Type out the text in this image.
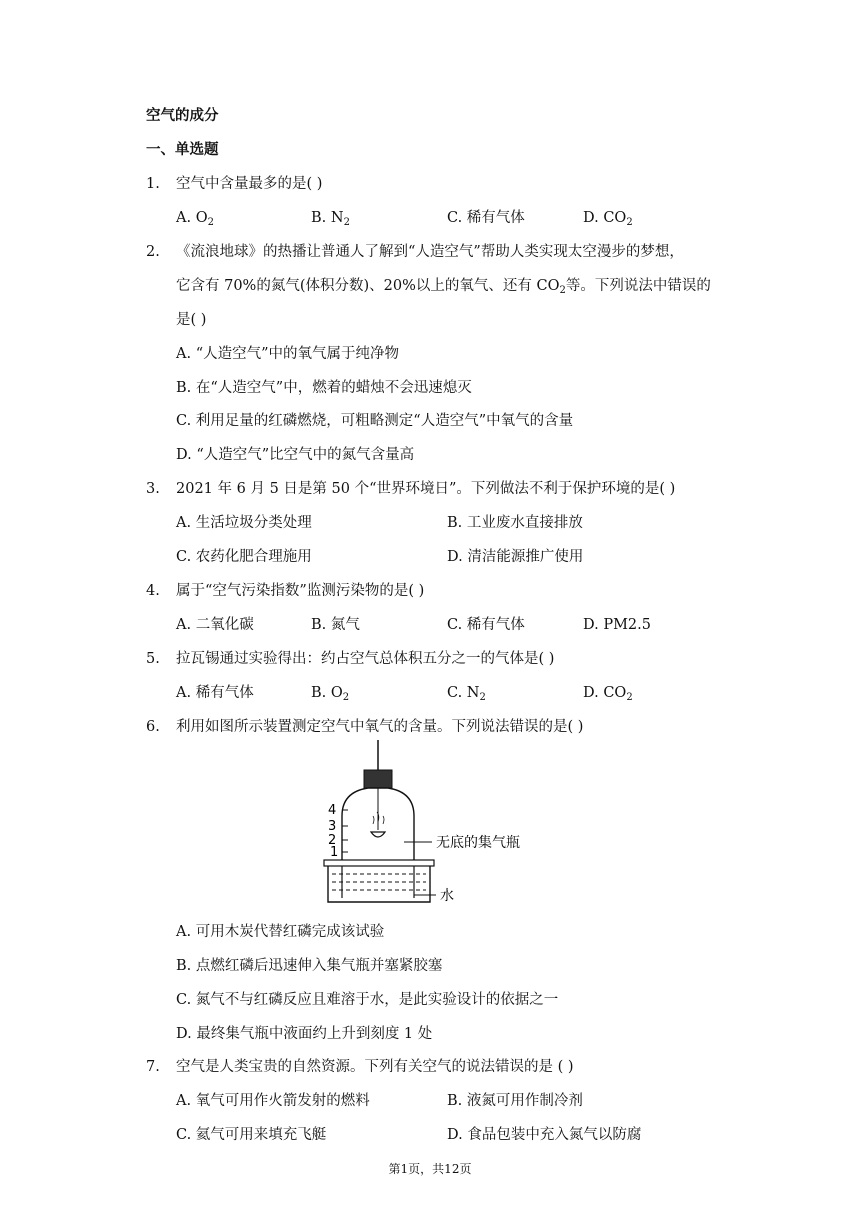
空气的成分
一、单选题
1. 空气中含量最多的是( )
A. $O_2$	B. $N_2$	C. 稀有气体	D. $CO_2$
2. 《流浪地球》的热播让普通人了解到“人造空气”帮助人类实现太空漫步的梦想，
它含有 70%的氮气(体积分数)、20%以上的氧气、还有 $CO_2$等。下列说法中错误的
是( )
A. “人造空气”中的氧气属于纯净物
B. 在“人造空气”中，燃着的蜡烛不会迅速熄灭
C. 利用足量的红磷燃烧，可粗略测定“人造空气”中氧气的含量
D. “人造空气”比空气中的氮气含量高
3. 2021 年 6 月 5 日是第 50 个“世界环境日”。下列做法不利于保护环境的是( )
A. 生活垃圾分类处理	B. 工业废水直接排放
C. 农药化肥合理施用	D. 清洁能源推广使用
4. 属于“空气污染指数”监测污染物的是( )
A. 二氧化碳	B. 氮气	C. 稀有气体	D. PM2.5
5. 拉瓦锡通过实验得出：约占空气总体积五分之一的气体是( )
A. 稀有气体	B. $O_2$	C. $N_2$	D. $CO_2$
6. 利用如图所示装置测定空气中氧气的含量。下列说法错误的是( )
4
3
2
1
无底的集气瓶
水
A. 可用木炭代替红磷完成该试验
B. 点燃红磷后迅速伸入集气瓶并塞紧胶塞
C. 氮气不与红磷反应且难溶于水，是此实验设计的依据之一
D. 最终集气瓶中液面约上升到刻度 1 处
7. 空气是人类宝贵的自然资源。下列有关空气的说法错误的是 ( )
A. 氧气可用作火箭发射的燃料	B. 液氮可用作制冷剂
C. 氦气可用来填充飞艇	D. 食品包装中充入氮气以防腐
第1页，共12页
